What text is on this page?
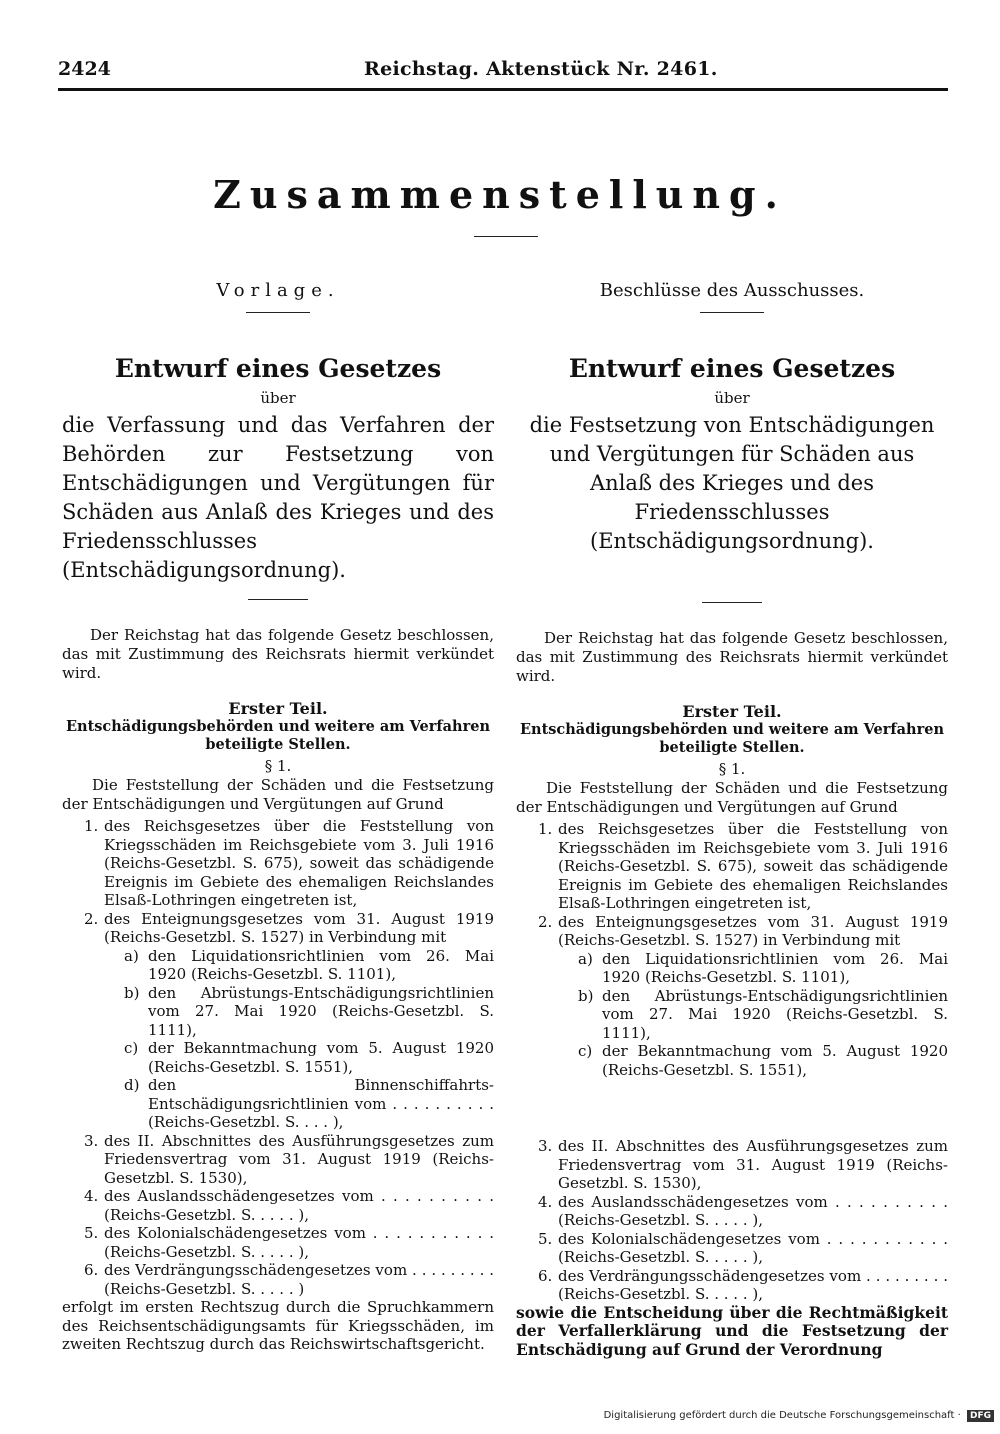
2424	Reichstag. Aktenstück Nr. 2461.
Zusammenstellung.
Vorlage.

Entwurf eines Gesetzes

über

die Verfassung und das Verfahren der Behörden zur Festsetzung von Entschädigungen und Vergütungen für Schäden aus Anlaß des Krieges und des Friedensschlusses (Entschädigungsordnung).

Der Reichstag hat das folgende Gesetz beschlossen, das mit Zustimmung des Reichsrats hiermit verkündet wird.

Erster Teil.

Entschädigungsbehörden und weitere am Verfahren beteiligte Stellen.

§ 1.

Die Feststellung der Schäden und die Festsetzung der Entschädigungen und Vergütungen auf Grund

1. des Reichsgesetzes über die Feststellung von Kriegsschäden im Reichsgebiete vom 3. Juli 1916 (Reichs-Gesetzbl. S. 675), soweit das schädigende Ereignis im Gebiete des ehemaligen Reichslandes Elsaß-Lothringen eingetreten ist,
2. des Enteignungsgesetzes vom 31. August 1919 (Reichs-Gesetzbl. S. 1527) in Verbindung mit
a) den Liquidationsrichtlinien vom 26. Mai 1920 (Reichs-Gesetzbl. S. 1101),
b) den Abrüstungs-Entschädigungsrichtlinien vom 27. Mai 1920 (Reichs-Gesetzbl. S. 1111),
c) der Bekanntmachung vom 5. August 1920 (Reichs-Gesetzbl. S. 1551),
d) den Binnenschiffahrts-Entschädigungsrichtlinien vom . . . . . . . . . . (Reichs-Gesetzbl. S. . . . ),
3. des II. Abschnittes des Ausführungsgesetzes zum Friedensvertrag vom 31. August 1919 (Reichs-Gesetzbl. S. 1530),
4. des Auslandsschädengesetzes vom . . . . . . . . . . (Reichs-Gesetzbl. S. . . . . ),
5. des Kolonialschädengesetzes vom . . . . . . . . . . . (Reichs-Gesetzbl. S. . . . . ),
6. des Verdrängungsschädengesetzes vom . . . . . . . . . (Reichs-Gesetzbl. S. . . . . )

erfolgt im ersten Rechtszug durch die Spruchkammern des Reichsentschädigungsamts für Kriegsschäden, im zweiten Rechtszug durch das Reichswirtschaftsgericht.

Beschlüsse des Ausschusses.

Entwurf eines Gesetzes

über

die Festsetzung von Entschädigungen und Vergütungen für Schäden aus Anlaß des Krieges und des Friedensschlusses (Entschädigungsordnung).

Der Reichstag hat das folgende Gesetz beschlossen, das mit Zustimmung des Reichsrats hiermit verkündet wird.

Erster Teil.

Entschädigungsbehörden und weitere am Verfahren beteiligte Stellen.

§ 1.

Die Feststellung der Schäden und die Festsetzung der Entschädigungen und Vergütungen auf Grund

1. des Reichsgesetzes über die Feststellung von Kriegsschäden im Reichsgebiete vom 3. Juli 1916 (Reichs-Gesetzbl. S. 675), soweit das schädigende Ereignis im Gebiete des ehemaligen Reichslandes Elsaß-Lothringen eingetreten ist,
2. des Enteignungsgesetzes vom 31. August 1919 (Reichs-Gesetzbl. S. 1527) in Verbindung mit
a) den Liquidationsrichtlinien vom 26. Mai 1920 (Reichs-Gesetzbl. S. 1101),
b) den Abrüstungs-Entschädigungsrichtlinien vom 27. Mai 1920 (Reichs-Gesetzbl. S. 1111),
c) der Bekanntmachung vom 5. August 1920 (Reichs-Gesetzbl. S. 1551),
3. des II. Abschnittes des Ausführungsgesetzes zum Friedensvertrag vom 31. August 1919 (Reichs-Gesetzbl. S. 1530),
4. des Auslandsschädengesetzes vom . . . . . . . . . . (Reichs-Gesetzbl. S. . . . . ),
5. des Kolonialschädengesetzes vom . . . . . . . . . . . (Reichs-Gesetzbl. S. . . . . ),
6. des Verdrängungsschädengesetzes vom . . . . . . . . . (Reichs-Gesetzbl. S. . . . . ),

sowie die Entscheidung über die Rechtmäßigkeit der Verfallerklärung und die Festsetzung der Entschädigung auf Grund der Verordnung

Digitalisierung gefördert durch die Deutsche Forschungsgemeinschaft · DFG
